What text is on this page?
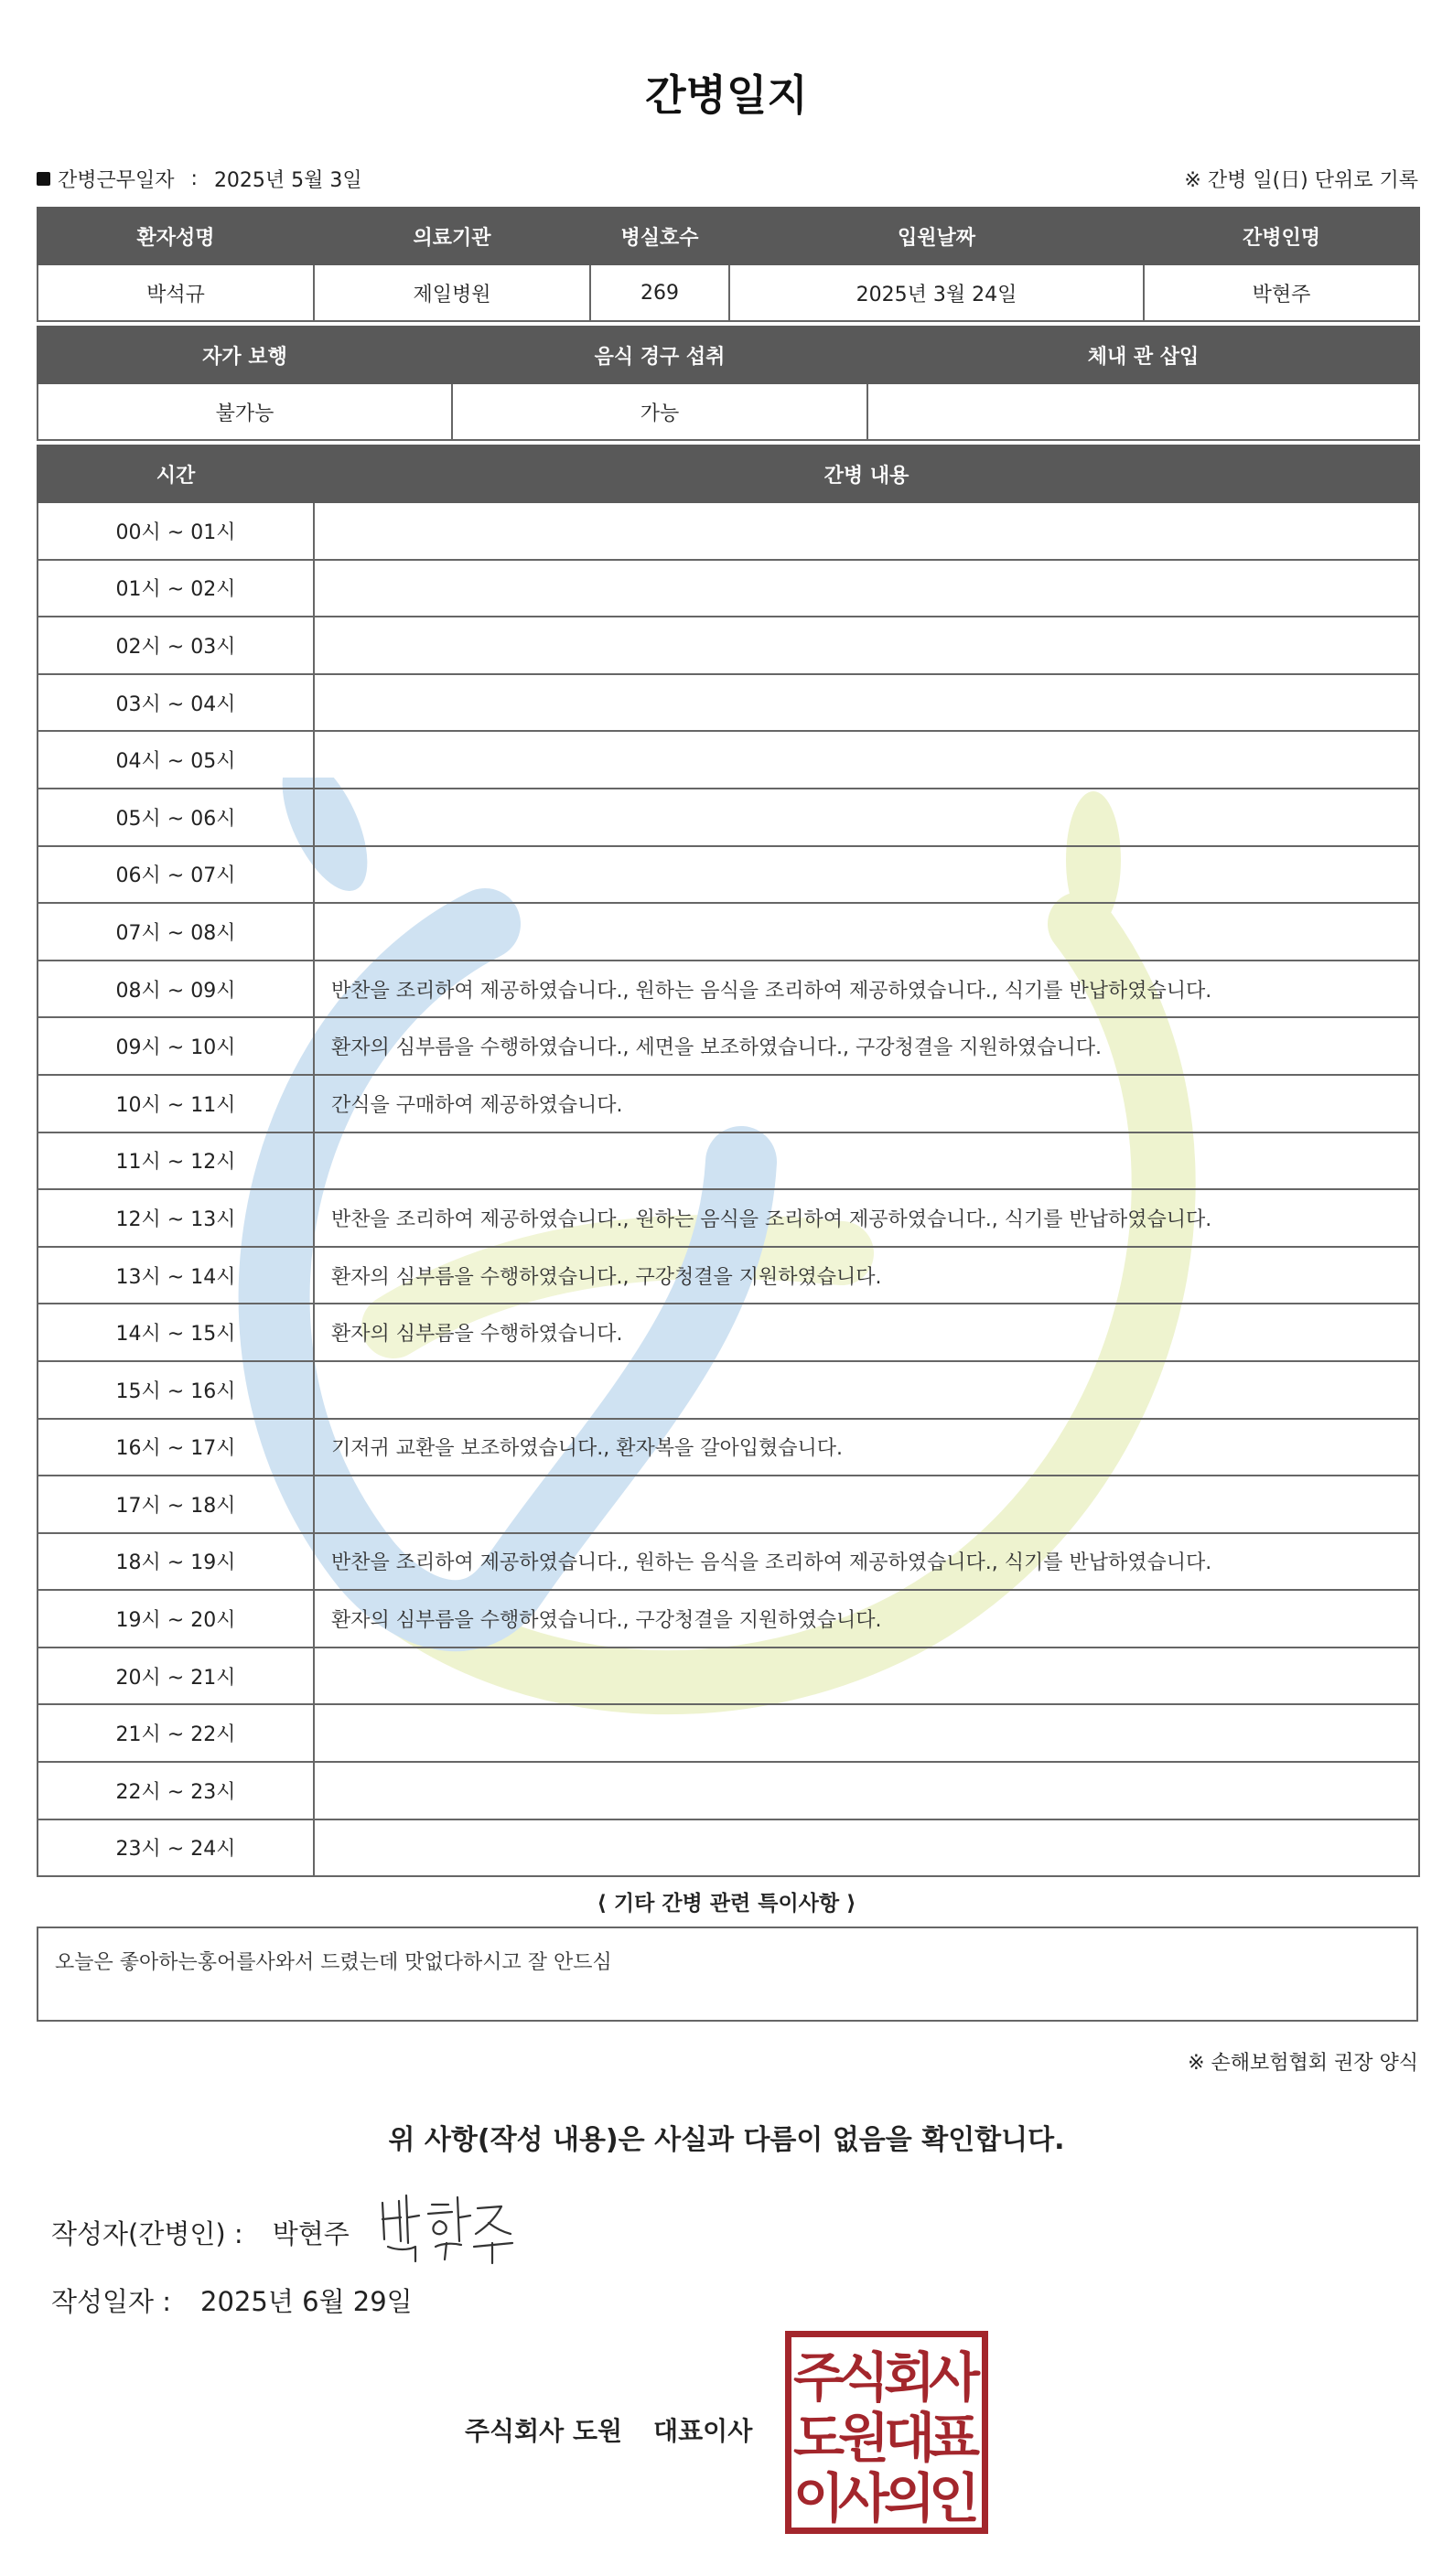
간병일지
간병근무일자 : 2025년 5월 3일	※ 간병 일(日) 단위로 기록
환자성명	의료기관	병실호수	입원날짜	간병인명
박석규	제일병원	269	2025년 3월 24일	박현주
자가 보행	음식 경구 섭취	체내 관 삽입
불가능	가능	
시간	간병 내용
00시 ~ 01시	
01시 ~ 02시	
02시 ~ 03시	
03시 ~ 04시	
04시 ~ 05시	
05시 ~ 06시	
06시 ~ 07시	
07시 ~ 08시	
08시 ~ 09시	반찬을 조리하여 제공하였습니다., 원하는 음식을 조리하여 제공하였습니다., 식기를 반납하였습니다.
09시 ~ 10시	환자의 심부름을 수행하였습니다., 세면을 보조하였습니다., 구강청결을 지원하였습니다.
10시 ~ 11시	간식을 구매하여 제공하였습니다.
11시 ~ 12시	
12시 ~ 13시	반찬을 조리하여 제공하였습니다., 원하는 음식을 조리하여 제공하였습니다., 식기를 반납하였습니다.
13시 ~ 14시	환자의 심부름을 수행하였습니다., 구강청결을 지원하였습니다.
14시 ~ 15시	환자의 심부름을 수행하였습니다.
15시 ~ 16시	
16시 ~ 17시	기저귀 교환을 보조하였습니다., 환자복을 갈아입혔습니다.
17시 ~ 18시	
18시 ~ 19시	반찬을 조리하여 제공하였습니다., 원하는 음식을 조리하여 제공하였습니다., 식기를 반납하였습니다.
19시 ~ 20시	환자의 심부름을 수행하였습니다., 구강청결을 지원하였습니다.
20시 ~ 21시	
21시 ~ 22시	
22시 ~ 23시	
23시 ~ 24시	
⟨ 기타 간병 관련 특이사항 ⟩
오늘은 좋아하는홍어를사와서 드렸는데 맛없다하시고 잘 안드심
※ 손해보험협회 권장 양식
위 사항(작성 내용)은 사실과 다름이 없음을 확인합니다.
작성자(간병인) : 박현주
작성일자 : 2025년 6월 29일
주식회사 도원 대표이사
주
식
회
사
도
원
대
표
이
사
의
인
